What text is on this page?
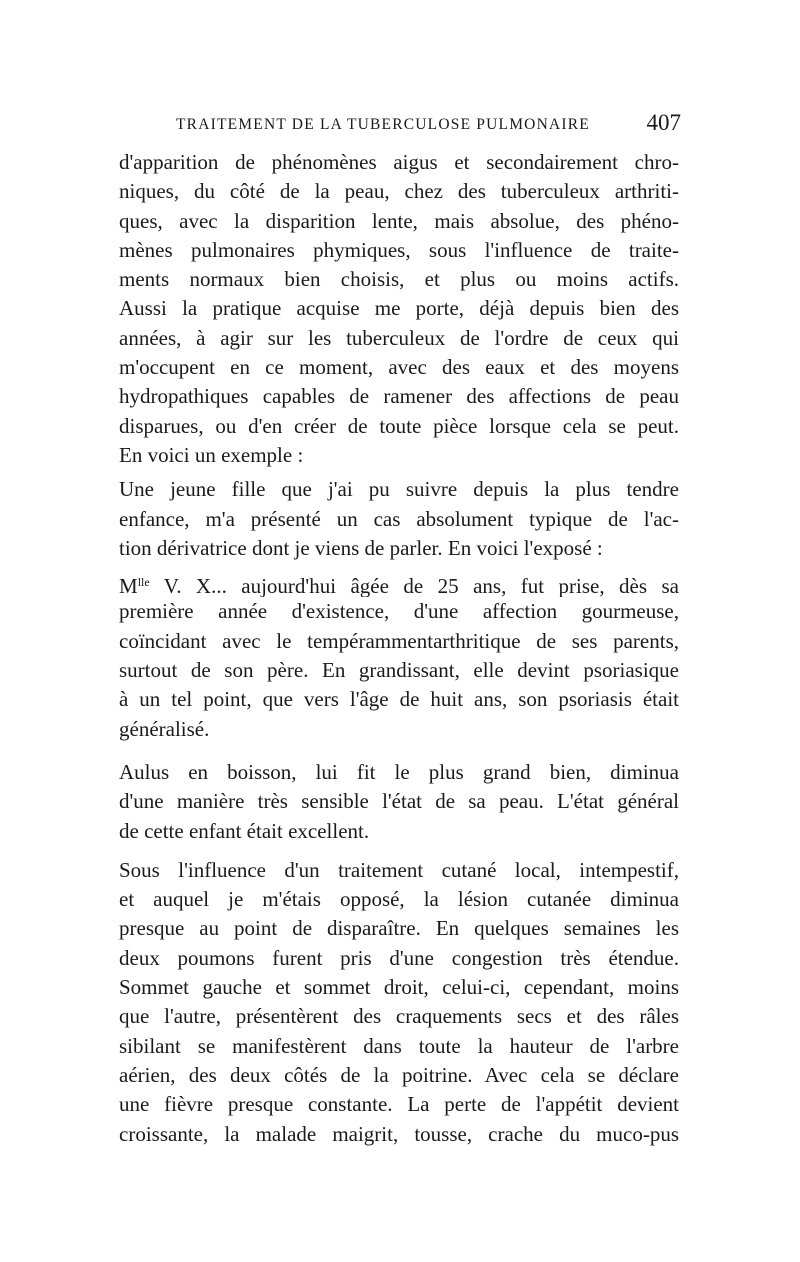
TRAITEMENT DE LA TUBERCULOSE PULMONAIRE 407
d'apparition de phénomènes aigus et secondairement chro-
niques, du côté de la peau, chez des tuberculeux arthriti-
ques, avec la disparition lente, mais absolue, des phéno-
mènes pulmonaires phymiques, sous l'influence de traite-
ments normaux bien choisis, et plus ou moins actifs.
Aussi la pratique acquise me porte, déjà depuis bien des
années, à agir sur les tuberculeux de l'ordre de ceux qui
m'occupent en ce moment, avec des eaux et des moyens
hydropathiques capables de ramener des affections de peau
disparues, ou d'en créer de toute pièce lorsque cela se peut.
En voici un exemple :
Une jeune fille que j'ai pu suivre depuis la plus tendre
enfance, m'a présenté un cas absolument typique de l'ac-
tion dérivatrice dont je viens de parler. En voici l'exposé :
$M^{lle}$ V. X... aujourd'hui âgée de 25 ans, fut prise, dès sa
première année d'existence, d'une affection gourmeuse,
coïncidant avec le tempérammentarthritique de ses parents,
surtout de son père. En grandissant, elle devint psoriasique
à un tel point, que vers l'âge de huit ans, son psoriasis était
généralisé.
Aulus en boisson, lui fit le plus grand bien, diminua
d'une manière très sensible l'état de sa peau. L'état général
de cette enfant était excellent.
Sous l'influence d'un traitement cutané local, intempestif,
et auquel je m'étais opposé, la lésion cutanée diminua
presque au point de disparaître. En quelques semaines les
deux poumons furent pris d'une congestion très étendue.
Sommet gauche et sommet droit, celui-ci, cependant, moins
que l'autre, présentèrent des craquements secs et des râles
sibilant se manifestèrent dans toute la hauteur de l'arbre
aérien, des deux côtés de la poitrine. Avec cela se déclare
une fièvre presque constante. La perte de l'appétit devient
croissante, la malade maigrit, tousse, crache du muco-pus
